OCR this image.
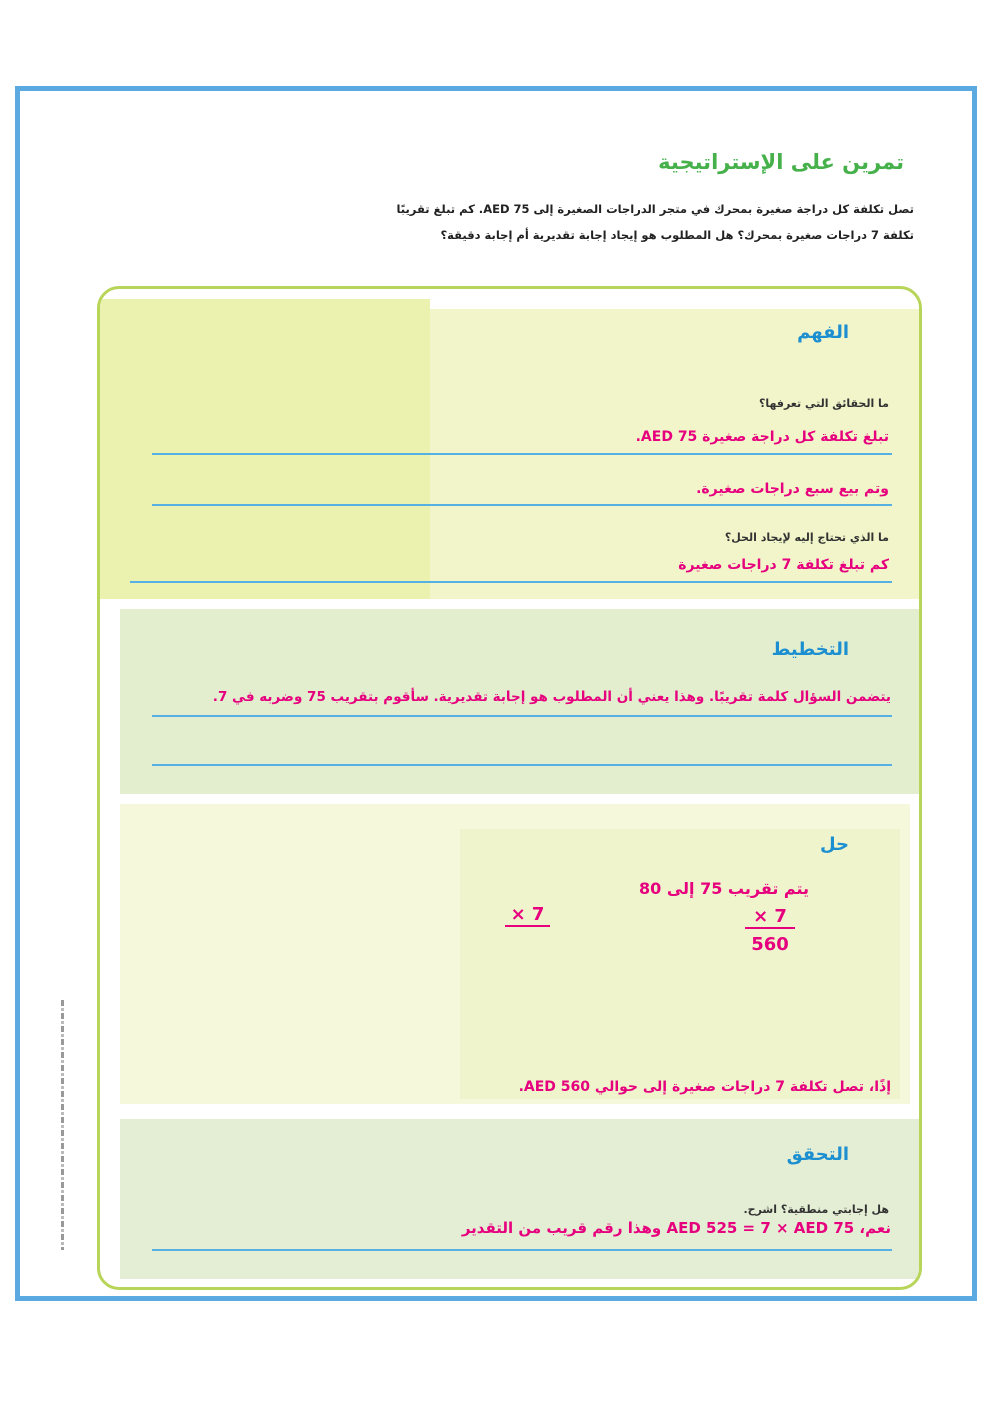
تمرين على الإستراتيجية
تصل تكلفة كل دراجة صغيرة بمحرك في متجر الدراجات الصغيرة إلى AED 75. كم تبلغ تقريبًا تكلفة 7 دراجات صغيرة بمحرك؟ هل المطلوب هو إيجاد إجابة تقديرية أم إجابة دقيقة؟
الفهم
ما الحقائق التي تعرفها؟
تبلغ تكلفة كل دراجة صغيرة AED 75.
وتم بيع سبع دراجات صغيرة.
ما الذي تحتاج إليه لإيجاد الحل؟
كم تبلغ تكلفة 7 دراجات صغيرة
التخطيط
يتضمن السؤال كلمة تقريبًا. وهذا يعني أن المطلوب هو إجابة تقديرية. سأقوم بتقريب 75 وضربه في 7.
حل
يتم تقريب 75 إلى 80
× 7	× 7
560
إذًا، تصل تكلفة 7 دراجات صغيرة إلى حوالي AED 560.
التحقق
هل إجابتي منطقية؟ اشرح.
نعم، AED 525 = 7 × AED 75 وهذا رقم قريب من التقدير
